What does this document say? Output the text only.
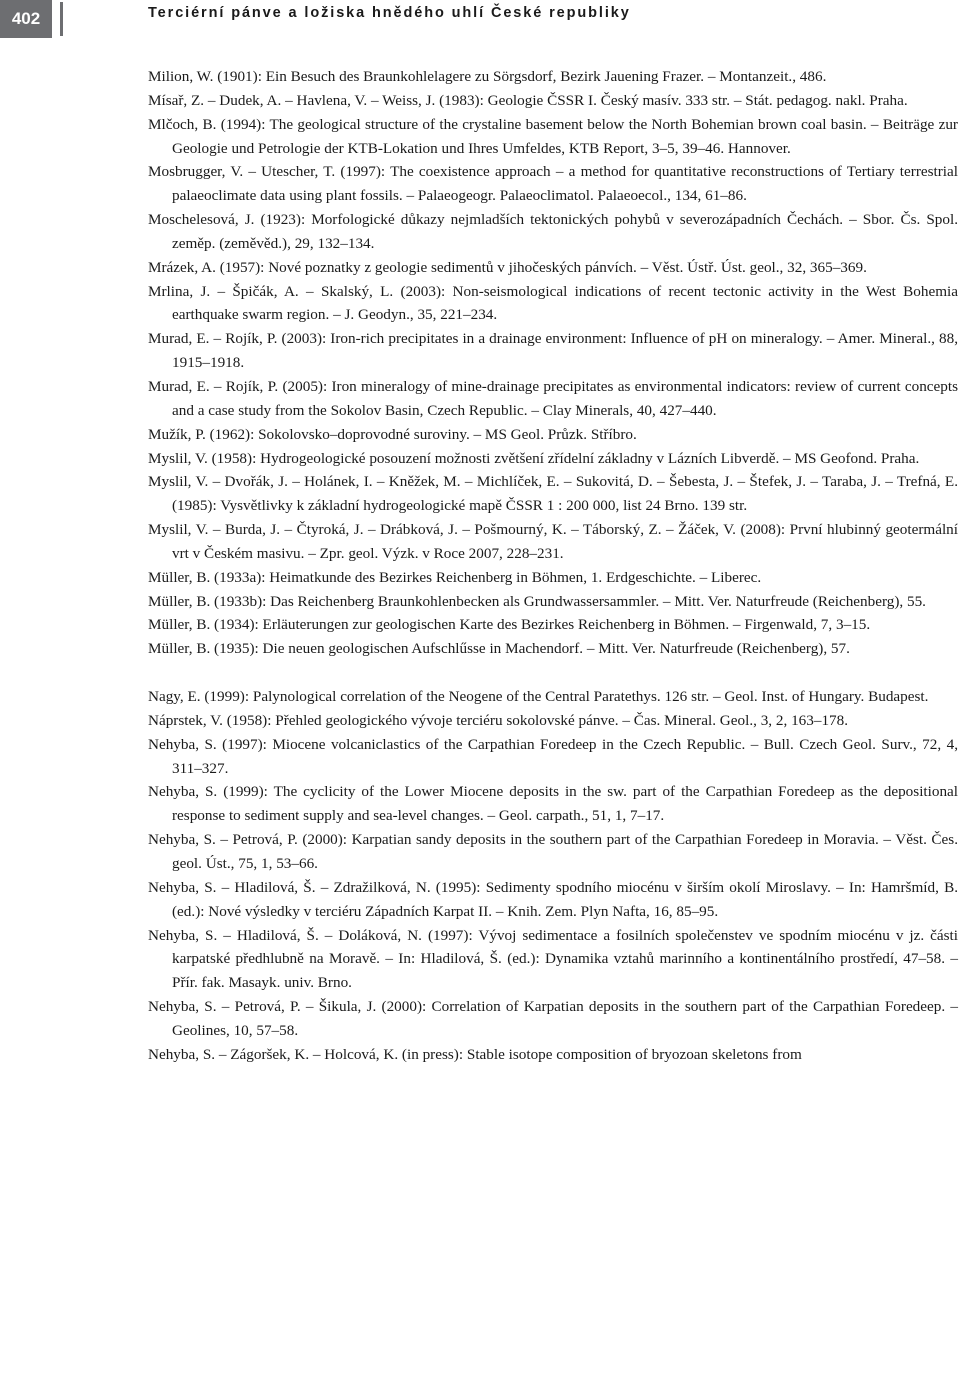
402	Terciérní pánve a ložiska hnědého uhlí České republiky

Milion, W. (1901): Ein Besuch des Braunkohlelagere zu Sörgsdorf, Bezirk Jauening Frazer. – Montanzeit., 486.

Mísař, Z. – Dudek, A. – Havlena, V. – Weiss, J. (1983): Geologie ČSSR I. Český masív. 333 str. – Stát. pedagog. nakl. Praha.

Mlčoch, B. (1994): The geological structure of the crystaline basement below the North Bohemian brown coal basin. – Beiträge zur Geologie und Petrologie der KTB-Lokation und Ihres Umfeldes, KTB Report, 3–5, 39–46. Hannover.

Mosbrugger, V. – Utescher, T. (1997): The coexistence approach – a method for quantitative reconstructions of Tertiary terrestrial palaeoclimate data using plant fossils. – Palaeogeogr. Palaeoclimatol. Palaeoecol., 134, 61–86.

Moschelesová, J. (1923): Morfologické důkazy nejmladších tektonických pohybů v severozápadních Čechách. – Sbor. Čs. Spol. zeměp. (zeměvěd.), 29, 132–134.

Mrázek, A. (1957): Nové poznatky z geologie sedimentů v jihočeských pánvích. – Věst. Ústř. Úst. geol., 32, 365–369.

Mrlina, J. – Špičák, A. – Skalský, L. (2003): Non-seismological indications of recent tectonic activity in the West Bohemia earthquake swarm region. – J. Geodyn., 35, 221–234.

Murad, E. – Rojík, P. (2003): Iron-rich precipitates in a drainage environment: Influence of pH on mineralogy. – Amer. Mineral., 88, 1915–1918.

Murad, E. – Rojík, P. (2005): Iron mineralogy of mine-drainage precipitates as environmental indicators: review of current concepts and a case study from the Sokolov Basin, Czech Republic. – Clay Minerals, 40, 427–440.

Mužík, P. (1962): Sokolovsko–doprovodné suroviny. – MS Geol. Průzk. Stříbro.

Myslil, V. (1958): Hydrogeologické posouzení možnosti zvětšení zřídelní základny v Lázních Libverdě. – MS Geofond. Praha.

Myslil, V. – Dvořák, J. – Holánek, I. – Kněžek, M. – Michlíček, E. – Sukovitá, D. – Šebesta, J. – Štefek, J. – Taraba, J. – Trefná, E. (1985): Vysvětlivky k základní hydrogeologické mapě ČSSR 1 : 200 000, list 24 Brno. 139 str.

Myslil, V. – Burda, J. – Čtyroká, J. – Drábková, J. – Pošmourný, K. – Táborský, Z. – Žáček, V. (2008): První hlubinný geotermální vrt v Českém masivu. – Zpr. geol. Výzk. v Roce 2007, 228–231.

Müller, B. (1933a): Heimatkunde des Bezirkes Reichenberg in Böhmen, 1. Erdgeschichte. – Liberec.

Müller, B. (1933b): Das Reichenberg Braunkohlenbecken als Grundwassersammler. – Mitt. Ver. Naturfreude (Reichenberg), 55.

Müller, B. (1934): Erläuterungen zur geologischen Karte des Bezirkes Reichenberg in Böhmen. – Firgenwald, 7, 3–15.

Müller, B. (1935): Die neuen geologischen Aufschlűsse in Machendorf. – Mitt. Ver. Naturfreude (Reichenberg), 57.

Nagy, E. (1999): Palynological correlation of the Neogene of the Central Paratethys. 126 str. – Geol. Inst. of Hungary. Budapest.

Náprstek, V. (1958): Přehled geologického vývoje terciéru sokolovské pánve. – Čas. Mineral. Geol., 3, 2, 163–178.

Nehyba, S. (1997): Miocene volcaniclastics of the Carpathian Foredeep in the Czech Republic. – Bull. Czech Geol. Surv., 72, 4, 311–327.

Nehyba, S. (1999): The cyclicity of the Lower Miocene deposits in the sw. part of the Carpathian Foredeep as the depositional response to sediment supply and sea-level changes. – Geol. carpath., 51, 1, 7–17.

Nehyba, S. – Petrová, P. (2000): Karpatian sandy deposits in the southern part of the Carpathian Foredeep in Moravia. – Věst. Čes. geol. Úst., 75, 1, 53–66.

Nehyba, S. – Hladilová, Š. – Zdražilková, N. (1995): Sedimenty spodního miocénu v širším okolí Miroslavy. – In: Hamršmíd, B. (ed.): Nové výsledky v terciéru Západních Karpat II. – Knih. Zem. Plyn Nafta, 16, 85–95.

Nehyba, S. – Hladilová, Š. – Doláková, N. (1997): Vývoj sedimentace a fosilních společenstev ve spodním miocénu v jz. části karpatské předhlubně na Moravě. – In: Hladilová, Š. (ed.): Dynamika vztahů marinního a kontinentálního prostředí, 47–58. – Přír. fak. Masayk. univ. Brno.

Nehyba, S. – Petrová, P. – Šikula, J. (2000): Correlation of Karpatian deposits in the southern part of the Carpathian Foredeep. – Geolines, 10, 57–58.

Nehyba, S. – Zágoršek, K. – Holcová, K. (in press): Stable isotope composition of bryozoan skeletons from
